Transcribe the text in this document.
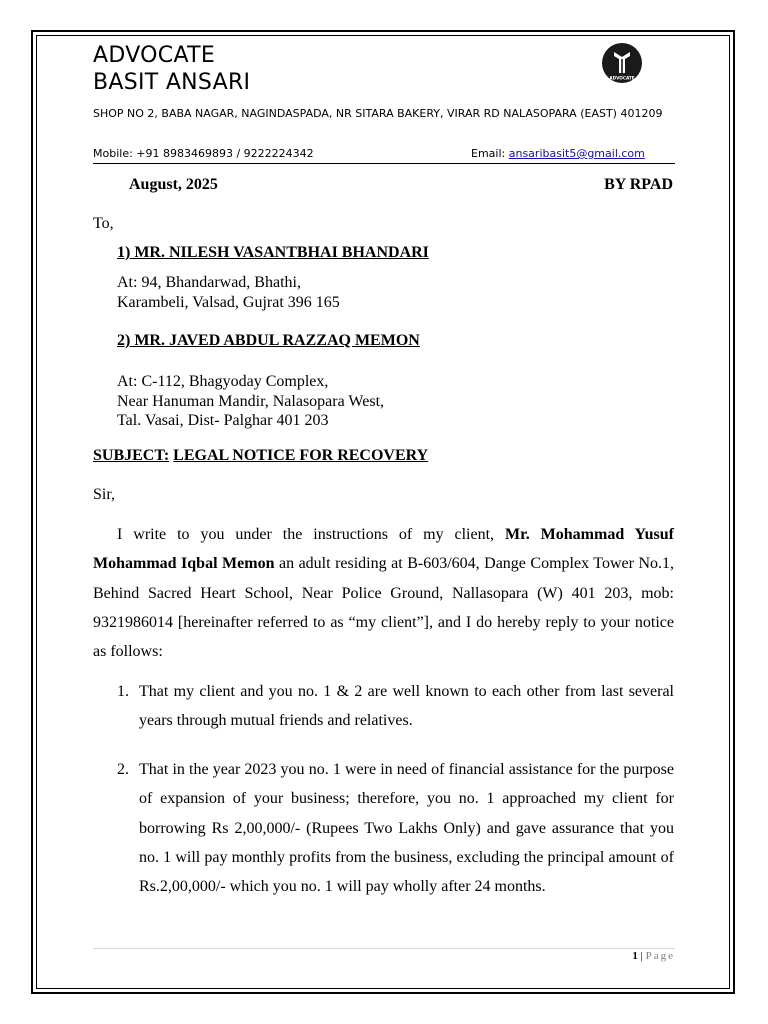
ADVOCATE
BASIT ANSARI	ADVOCATE
SHOP NO 2, BABA NAGAR, NAGINDASPADA, NR SITARA BAKERY, VIRAR RD NALASOPARA (EAST) 401209
Mobile: +91 8983469893 / 9222224342	Email: ansaribasit5@gmail.com
August, 2025	BY RPAD
To,
1) MR. NILESH VASANTBHAI BHANDARI
At: 94, Bhandarwad, Bhathi,
Karambeli, Valsad, Gujrat 396 165
2) MR. JAVED ABDUL RAZZAQ MEMON
At: C-112, Bhagyoday Complex,
Near Hanuman Mandir, Nalasopara West,
Tal. Vasai, Dist- Palghar 401 203
SUBJECT: LEGAL NOTICE FOR RECOVERY
Sir,
I write to you under the instructions of my client, Mr. Mohammad Yusuf Mohammad Iqbal Memon an adult residing at B-603/604, Dange Complex Tower No.1, Behind Sacred Heart School, Near Police Ground, Nallasopara (W) 401 203, mob: 9321986014 [hereinafter referred to as “my client”], and I do hereby reply to your notice as follows:
1. That my client and you no. 1 & 2 are well known to each other from last several years through mutual friends and relatives.
2. That in the year 2023 you no. 1 were in need of financial assistance for the purpose of expansion of your business; therefore, you no. 1 approached my client for borrowing Rs 2,00,000/- (Rupees Two Lakhs Only) and gave assurance that you no. 1 will pay monthly profits from the business, excluding the principal amount of Rs.2,00,000/- which you no. 1 will pay wholly after 24 months.
1 | Page
